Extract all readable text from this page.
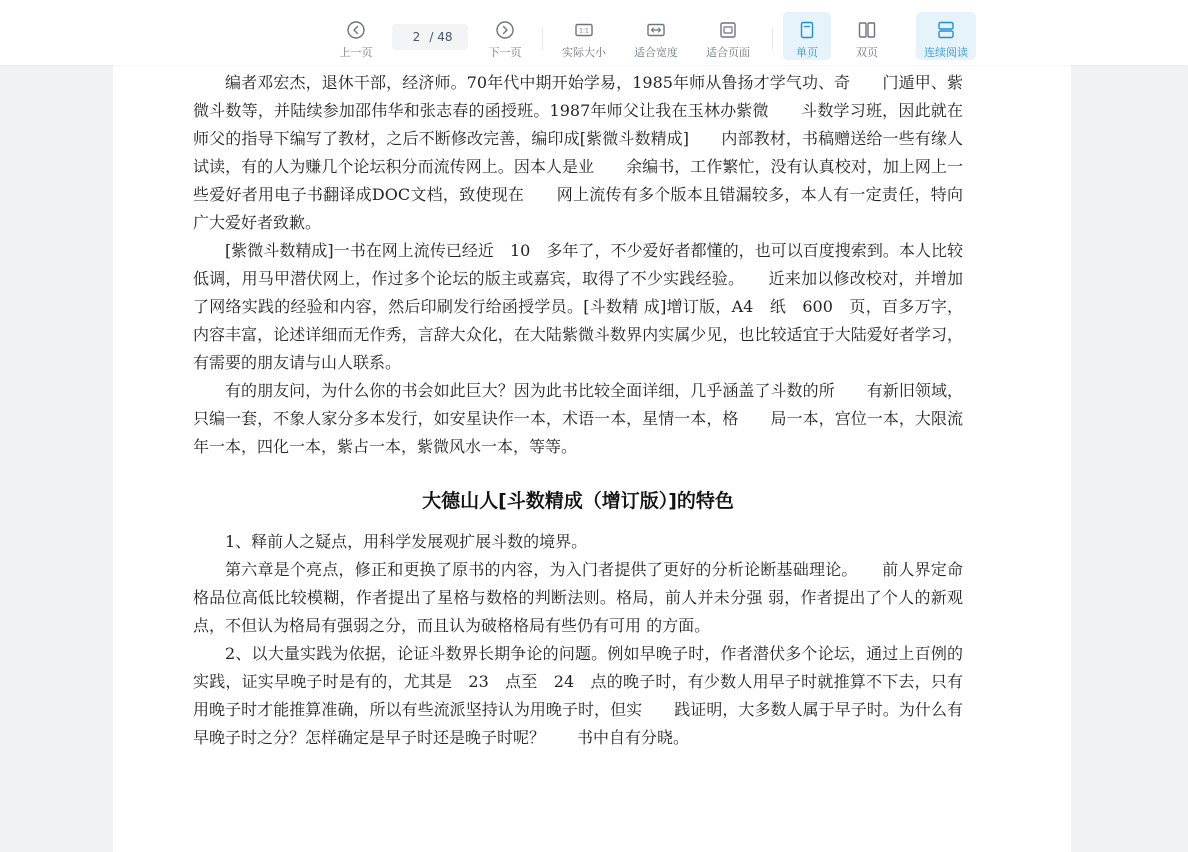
上一页
2
/ 48
下一页
1:1
实际大小	适合宽度	适合页面	单页	双页	连续阅读

编者邓宏杰，退休干部，经济师。70年代中期开始学易，1985年师从鲁扬才学气功、奇　　门遁甲、紫微斗数等，并陆续参加邵伟华和张志春的函授班。1987年师父让我在玉林办紫微　　斗数学习班，因此就在师父的指导下编写了教材，之后不断修改完善，编印成[紫微斗数精成]　　内部教材，书稿赠送给一些有缘人试读，有的人为赚几个论坛积分而流传网上。因本人是业　　余编书，工作繁忙，没有认真校对，加上网上一些爱好者用电子书翻译成DOC文档，致使现在　　网上流传有多个版本且错漏较多，本人有一定责任，特向广大爱好者致歉。

[紫微斗数精成]一书在网上流传已经近　10　多年了，不少爱好者都懂的，也可以百度搜索到。本人比较低调，用马甲潜伏网上，作过多个论坛的版主或嘉宾，取得了不少实践经验。　　近来加以修改校对，并增加了网络实践的经验和内容，然后印刷发行给函授学员。[斗数精 成]增订版，A4　纸　600　页，百多万字，内容丰富，论述详细而无作秀，言辞大众化，在大陆紫微斗数界内实属少见，也比较适宜于大陆爱好者学习，有需要的朋友请与山人联系。

有的朋友问，为什么你的书会如此巨大？因为此书比较全面详细，几乎涵盖了斗数的所　　有新旧领域，只编一套，不象人家分多本发行，如安星诀作一本，术语一本，星情一本，格　　局一本，宫位一本，大限流年一本，四化一本，紫占一本，紫微风水一本，等等。

大德山人[斗数精成（增订版）]的特色

1、释前人之疑点，用科学发展观扩展斗数的境界。

第六章是个亮点，修正和更换了原书的内容，为入门者提供了更好的分析论断基础理论。　　前人界定命格品位高低比较模糊，作者提出了星格与数格的判断法则。格局，前人并未分强 弱，作者提出了个人的新观点，不但认为格局有强弱之分，而且认为破格格局有些仍有可用 的方面。

2、以大量实践为依据，论证斗数界长期争论的问题。例如早晚子时，作者潜伏多个论坛，通过上百例的实践，证实早晚子时是有的，尤其是　23　点至　24　点的晚子时，有少数人用早子时就推算不下去，只有用晚子时才能推算准确，所以有些流派坚持认为用晚子时，但实　　践证明，大多数人属于早子时。为什么有早晚子时之分？怎样确定是早子时还是晚子时呢？　　书中自有分晓。
